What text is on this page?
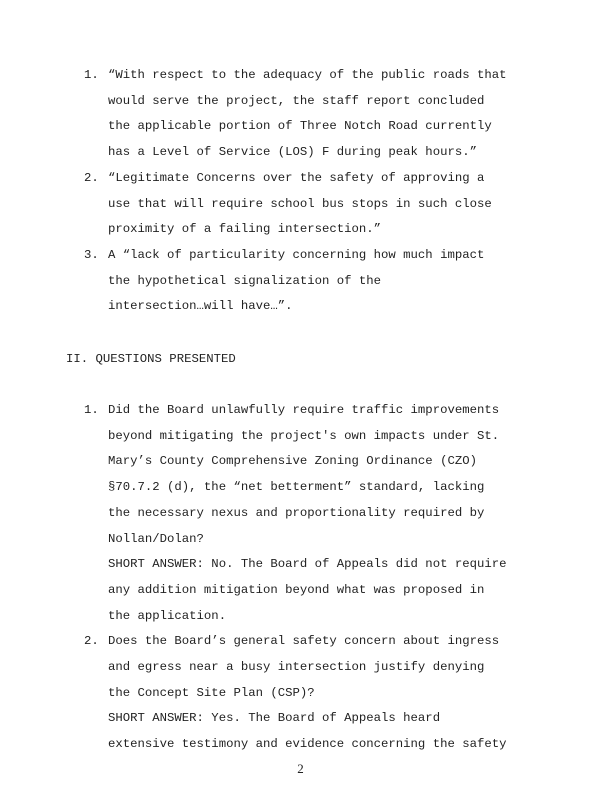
1. “With respect to the adequacy of the public roads that
would serve the project, the staff report concluded
the applicable portion of Three Notch Road currently
has a Level of Service (LOS) F during peak hours.”
2. “Legitimate Concerns over the safety of approving a
use that will require school bus stops in such close
proximity of a failing intersection.”
3. A “lack of particularity concerning how much impact
the hypothetical signalization of the
intersection…will have…”.
II. QUESTIONS PRESENTED
1. Did the Board unlawfully require traffic improvements
beyond mitigating the project's own impacts under St.
Mary’s County Comprehensive Zoning Ordinance (CZO)
§70.7.2 (d), the “net betterment” standard, lacking
the necessary nexus and proportionality required by
Nollan/Dolan?
SHORT ANSWER: No. The Board of Appeals did not require
any addition mitigation beyond what was proposed in
the application.
2. Does the Board’s general safety concern about ingress
and egress near a busy intersection justify denying
the Concept Site Plan (CSP)?
SHORT ANSWER: Yes. The Board of Appeals heard
extensive testimony and evidence concerning the safety
2
